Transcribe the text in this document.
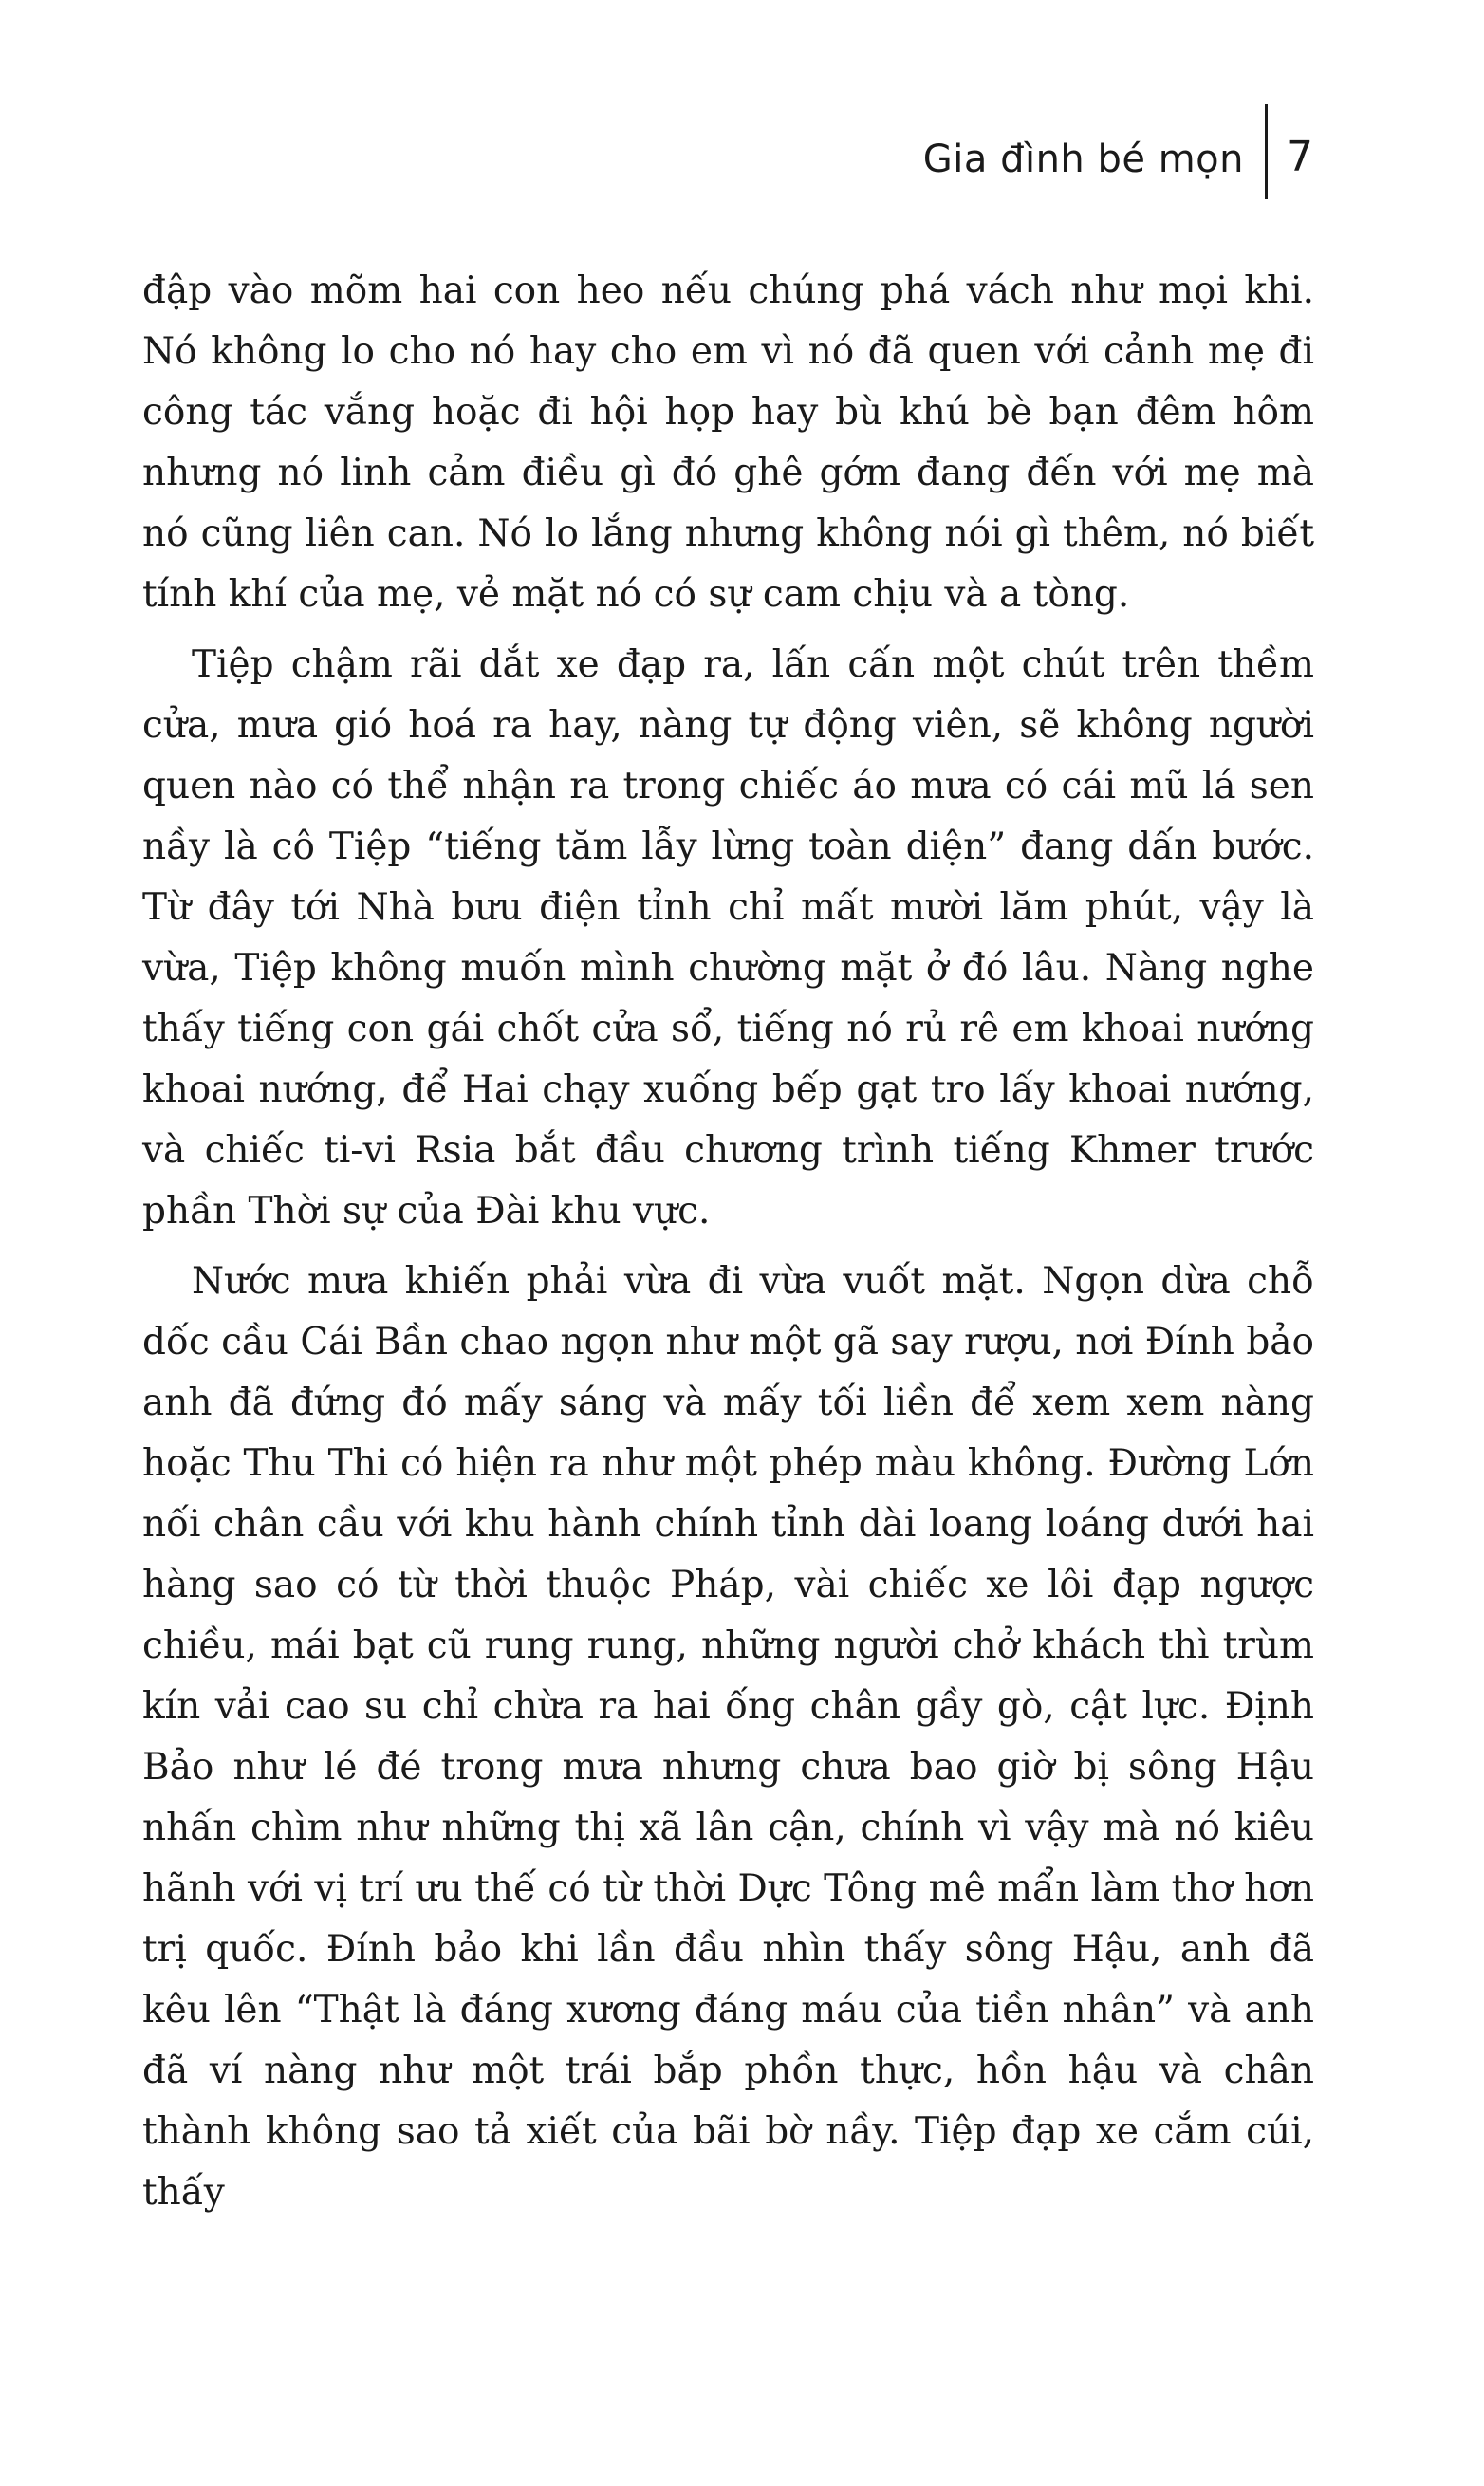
Gia đình bé mọn	7

đập vào mõm hai con heo nếu chúng phá vách như mọi khi. Nó không lo cho nó hay cho em vì nó đã quen với cảnh mẹ đi công tác vắng hoặc đi hội họp hay bù khú bè bạn đêm hôm nhưng nó linh cảm điều gì đó ghê gớm đang đến với mẹ mà nó cũng liên can. Nó lo lắng nhưng không nói gì thêm, nó biết tính khí của mẹ, vẻ mặt nó có sự cam chịu và a tòng.

Tiệp chậm rãi dắt xe đạp ra, lấn cấn một chút trên thềm cửa, mưa gió hoá ra hay, nàng tự động viên, sẽ không người quen nào có thể nhận ra trong chiếc áo mưa có cái mũ lá sen nầy là cô Tiệp “tiếng tăm lẫy lừng toàn diện” đang dấn bước. Từ đây tới Nhà bưu điện tỉnh chỉ mất mười lăm phút, vậy là vừa, Tiệp không muốn mình chường mặt ở đó lâu. Nàng nghe thấy tiếng con gái chốt cửa sổ, tiếng nó rủ rê em khoai nướng khoai nướng, để Hai chạy xuống bếp gạt tro lấy khoai nướng, và chiếc ti-vi Rsia bắt đầu chương trình tiếng Khmer trước phần Thời sự của Đài khu vực.

Nước mưa khiến phải vừa đi vừa vuốt mặt. Ngọn dừa chỗ dốc cầu Cái Bần chao ngọn như một gã say rượu, nơi Đính bảo anh đã đứng đó mấy sáng và mấy tối liền để xem xem nàng hoặc Thu Thi có hiện ra như một phép màu không. Đường Lớn nối chân cầu với khu hành chính tỉnh dài loang loáng dưới hai hàng sao có từ thời thuộc Pháp, vài chiếc xe lôi đạp ngược chiều, mái bạt cũ rung rung, những người chở khách thì trùm kín vải cao su chỉ chừa ra hai ống chân gầy gò, cật lực. Định Bảo như lé đé trong mưa nhưng chưa bao giờ bị sông Hậu nhấn chìm như những thị xã lân cận, chính vì vậy mà nó kiêu hãnh với vị trí ưu thế có từ thời Dực Tông mê mẩn làm thơ hơn trị quốc. Đính bảo khi lần đầu nhìn thấy sông Hậu, anh đã kêu lên “Thật là đáng xương đáng máu của tiền nhân” và anh đã ví nàng như một trái bắp phồn thực, hồn hậu và chân thành không sao tả xiết của bãi bờ nầy. Tiệp đạp xe cắm cúi, thấy
